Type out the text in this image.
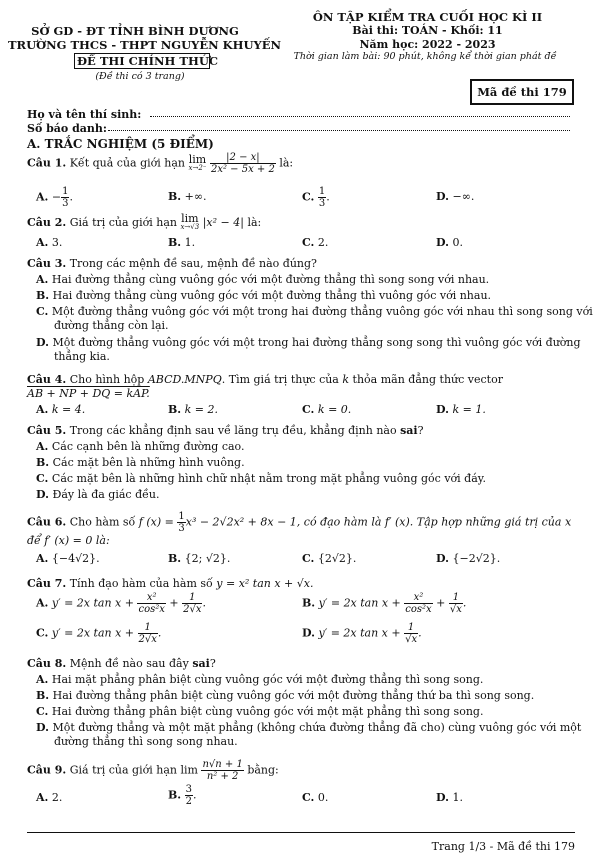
SỞ GD - ĐT TỈNH BÌNH DƯƠNG
TRƯỜNG THCS - THPT NGUYỄN KHUYẾN
ĐỀ THI CHÍNH THỨC
(Đề thi có 3 trang)
ÔN TẬP KIỂM TRA CUỐI HỌC KÌ II
Bài thi: TOÁN - Khối: 11
Năm học: 2022 - 2023
Thời gian làm bài: 90 phút, không kể thời gian phát đề
Mã đề thi 179
Họ và tên thí sinh:
Số báo danh:
A. TRẮC NGHIỆM (5 ĐIỂM)
Câu 1. Kết quả của giới hạn lim
x→2⁻
$\frac{|2 - x|}{\text{2x² − 5x + 2}}$ là:
A. − $\frac{1}{3}$ .	B. +∞.	C. $\frac{1}{3}$ .	D. −∞.
Câu 2. Giá trị của giới hạn lim
x→√3 |x² − 4| là:
A. 3.	B. 1.	C. 2.	D. 0.
Câu 3. Trong các mệnh đề sau, mệnh đề nào đúng?
A. Hai đường thẳng cùng vuông góc với một đường thẳng thì song song với nhau.
B. Hai đường thẳng cùng vuông góc với một đường thẳng thì vuông góc với nhau.
C. Một đường thẳng vuông góc với một trong hai đường thẳng vuông góc với nhau thì song song với
đường thẳng còn lại.
D. Một đường thẳng vuông góc với một trong hai đường thẳng song song thì vuông góc với đường
thẳng kia.
Câu 4. Cho hình hộp ABCD.MNPQ. Tìm giá trị thực của k thỏa mãn đẳng thức vector
AB + NP + DQ = kAP.
A. k = 4.	B. k = 2.	C. k = 0.	D. k = 1.
Câu 5. Trong các khẳng định sau về lăng trụ đều, khẳng định nào sai?
A. Các cạnh bên là những đường cao.
B. Các mặt bên là những hình vuông.
C. Các mặt bên là những hình chữ nhật nằm trong mặt phẳng vuông góc với đáy.
D. Đáy là đa giác đều.
Câu 6. Cho hàm số f $(x) = \frac{1}{3} x^3 - 2√2x^2 + 8x - 1$, có đạo hàm là f′ (x). Tập hợp những giá trị của x
để f′ (x) = 0 là:
A. {−4√2}.	B. {2; √2}.	C. {2√2}.	D. {−2√2}.
Câu 7. Tính đạo hàm của hàm số y = x² tan x + √x.
A. y′ = 2x $\tan x + \frac{\text{x²}}{\text{cos²x}} + \frac{1}{2√x}$ .	B. y′ = 2x $\tan x + \frac{\text{x²}}{\text{cos²x}} + \frac{1}{√x}$ .
C. y′ = 2x $\tan x + \frac{1}{2√x}$ .	D. y′ = 2x $\tan x + \frac{1}{√x}$ .
Câu 8. Mệnh đề nào sau đây sai?
A. Hai mặt phẳng phân biệt cùng vuông góc với một đường thẳng thì song song.
B. Hai đường thẳng phân biệt cùng vuông góc với một đường thẳng thứ ba thì song song.
C. Hai đường thẳng phân biệt cùng vuông góc với một mặt phẳng thì song song.
D. Một đường thẳng và một mặt phẳng (không chứa đường thẳng đã cho) cùng vuông góc với một
đường thẳng thì song song nhau.
Câu 9. Giá trị của giới hạn $\lim \frac{n√n + 1}{\text{n² + 2}}$ bằng:
A. 2.	B. $\frac{3}{2}$ .	C. 0.	D. 1.
Trang 1/3 - Mã đề thi 179
